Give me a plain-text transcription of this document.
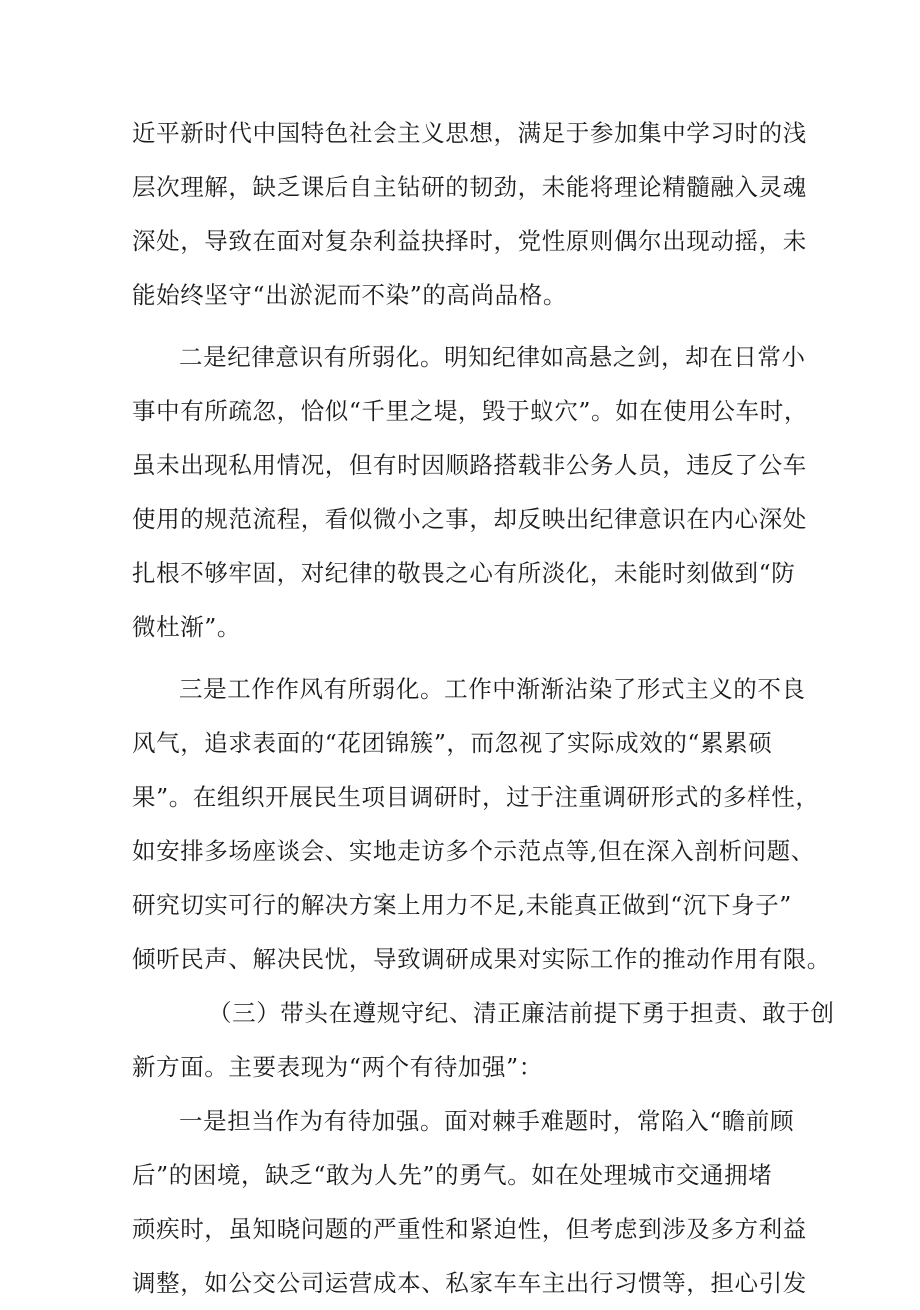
近平新时代中国特色社会主义思想，满足于参加集中学习时的浅
层次理解，缺乏课后自主钻研的韧劲，未能将理论精髓融入灵魂
深处，导致在面对复杂利益抉择时，党性原则偶尔出现动摇，未
能始终坚守“出淤泥而不染”的高尚品格。
二是纪律意识有所弱化。明知纪律如高悬之剑，却在日常小
事中有所疏忽，恰似“千里之堤，毁于蚁穴”。如在使用公车时，
虽未出现私用情况，但有时因顺路搭载非公务人员，违反了公车
使用的规范流程，看似微小之事，却反映出纪律意识在内心深处
扎根不够牢固，对纪律的敬畏之心有所淡化，未能时刻做到“防
微杜渐”。
三是工作作风有所弱化。工作中渐渐沾染了形式主义的不良
风气，追求表面的“花团锦簇”，而忽视了实际成效的“累累硕
果”。在组织开展民生项目调研时，过于注重调研形式的多样性，
如安排多场座谈会、实地走访多个示范点等,但在深入剖析问题、
研究切实可行的解决方案上用力不足,未能真正做到“沉下身子”
倾听民声、解决民忧，导致调研成果对实际工作的推动作用有限。
（三）带头在遵规守纪、清正廉洁前提下勇于担责、敢于创
新方面。主要表现为“两个有待加强”：
一是担当作为有待加强。面对棘手难题时，常陷入“瞻前顾
后”的困境，缺乏“敢为人先”的勇气。如在处理城市交通拥堵
顽疾时，虽知晓问题的严重性和紧迫性，但考虑到涉及多方利益
调整，如公交公司运营成本、私家车车主出行习惯等，担心引发
